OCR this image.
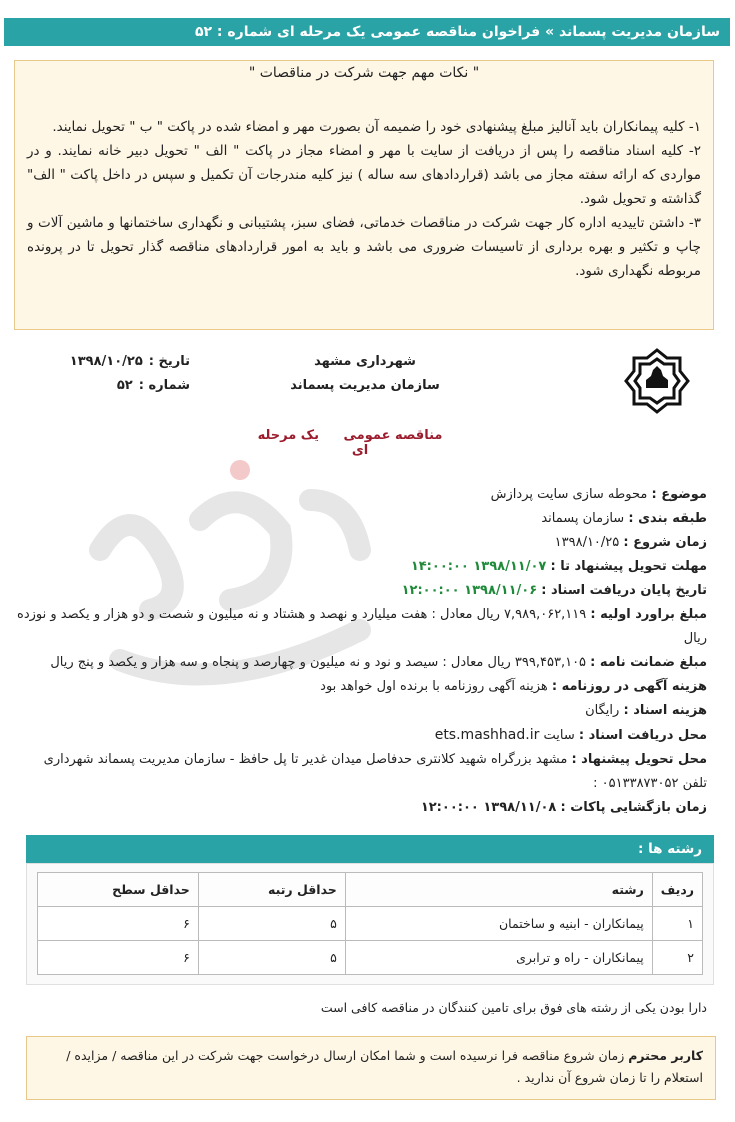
سازمان مدیریت پسماند » فراخوان مناقصه عمومی یک مرحله ای شماره : ۵۲
" نکات مهم جهت شرکت در مناقصات "
۱- کلیه پیمانکاران باید آنالیز مبلغ پیشنهادی خود را ضمیمه آن بصورت مهر و امضاء شده در پاکت " ب " تحویل نمایند.
۲- کلیه اسناد مناقصه را پس از دریافت از سایت با مهر و امضاء مجاز در پاکت " الف " تحویل دبیر خانه نمایند. و در مواردی که ارائه سفته مجاز می باشد (قراردادهای سه ساله ) نیز کلیه مندرجات آن تکمیل و سپس در داخل پاکت " الف" گذاشته و تحویل شود.
۳- داشتن تاییدیه اداره کار جهت شرکت در مناقصات خدماتی، فضای سبز، پشتیبانی و نگهداری ساختمانها و ماشین آلات و چاپ و تکثیر و بهره برداری از تاسیسات ضروری می باشد و باید به امور قراردادهای مناقصه گذار تحویل تا در پرونده مربوطه نگهداری شود.
شهرداری مشهد
سازمان مدیریت پسماند
تاریخ :
۱۳۹۸/۱۰/۲۵
شماره :
۵۲
مناقصه عمومی یک مرحله ای
موضوع : محوطه سازی سایت پردازش
طبقه بندی : سازمان پسماند
زمان شروع : ۱۳۹۸/۱۰/۲۵
مهلت تحویل پیشنهاد تا : ۱۳۹۸/۱۱/۰۷ ۱۴:۰۰:۰۰
تاریخ پایان دریافت اسناد : ۱۳۹۸/۱۱/۰۶ ۱۲:۰۰:۰۰
مبلغ براورد اولیه : ۷,۹۸۹,۰۶۲,۱۱۹ ریال معادل : هفت میلیارد و نهصد و هشتاد و نه میلیون و شصت و دو هزار و یکصد و نوزده ریال
مبلغ ضمانت نامه : ۳۹۹,۴۵۳,۱۰۵ ریال معادل : سیصد و نود و نه میلیون و چهارصد و پنجاه و سه هزار و یکصد و پنج ریال
هزینه آگهی در روزنامه : هزینه آگهی روزنامه با برنده اول خواهد بود
هزینه اسناد : رایگان
محل دریافت اسناد : سایت ets.mashhad.ir
محل تحویل پیشنهاد : مشهد بزرگراه شهید کلانتری حدفاصل میدان غدیر تا پل حافظ - سازمان مدیریت پسماند شهرداری تلفن ۰۵۱۳۳۸۷۳۰۵۲ :
زمان بازگشایی پاکات : ۱۳۹۸/۱۱/۰۸ ۱۲:۰۰:۰۰
رشته ها :
ردیف	رشته	حداقل رتبه	حداقل سطح
۱	پیمانکاران - ابنیه و ساختمان	۵	۶
۲	پیمانکاران - راه و ترابری	۵	۶
دارا بودن یکی از رشته های فوق برای تامین کنندگان در مناقصه کافی است
کاربر محترم زمان شروع مناقصه فرا نرسیده است و شما امکان ارسال درخواست جهت شرکت در این مناقصه / مزایده / استعلام را تا زمان شروع آن ندارید .
